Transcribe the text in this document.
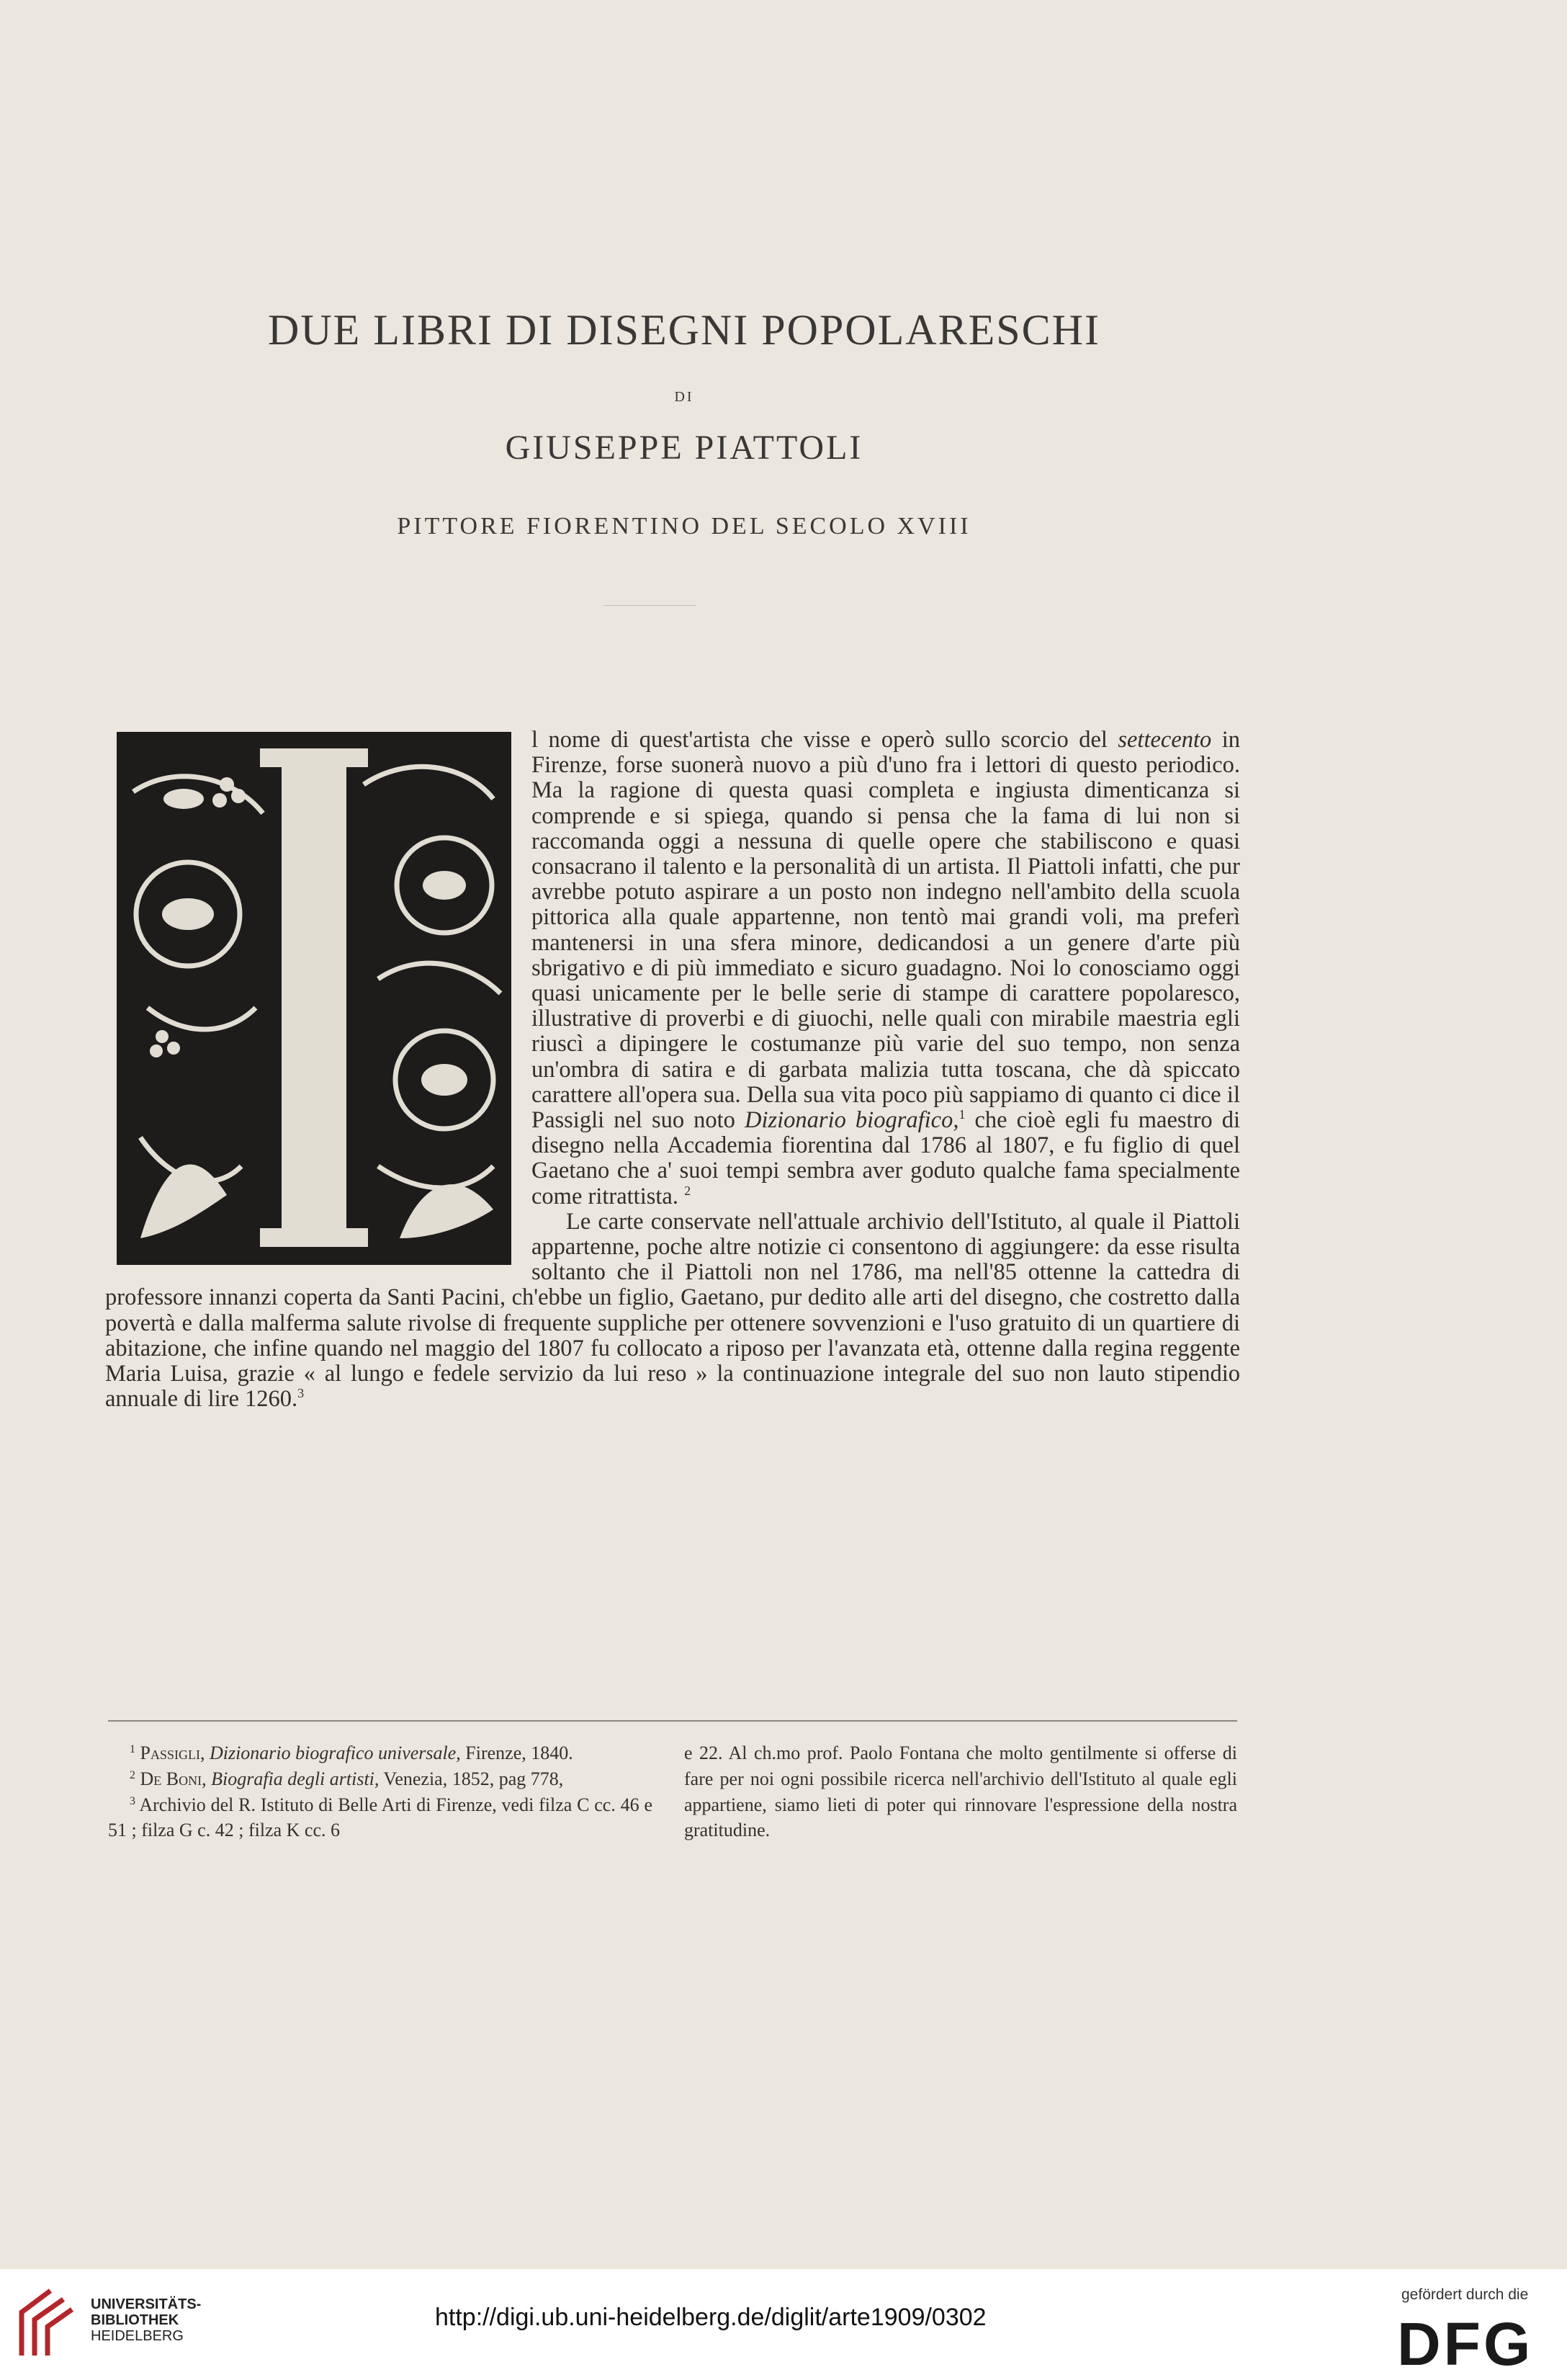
DUE LIBRI DI DISEGNI POPOLARESCHI
DI
GIUSEPPE PIATTOLI
PITTORE FIORENTINO DEL SECOLO XVIII

l nome di quest'artista che visse e operò sullo scorcio del settecento in Firenze, forse suonerà nuovo a più d'uno fra i lettori di questo periodico. Ma la ragione di questa quasi completa e ingiusta dimenticanza si comprende e si spiega, quando si pensa che la fama di lui non si raccomanda oggi a nessuna di quelle opere che stabiliscono e quasi consacrano il talento e la personalità di un artista. Il Piattoli infatti, che pur avrebbe potuto aspirare a un posto non indegno nell'ambito della scuola pittorica alla quale appartenne, non tentò mai grandi voli, ma preferì mantenersi in una sfera minore, dedicandosi a un genere d'arte più sbrigativo e di più immediato e sicuro guadagno. Noi lo conosciamo oggi quasi unicamente per le belle serie di stampe di carattere popolaresco, illustrative di proverbi e di giuochi, nelle quali con mirabile maestria egli riuscì a dipingere le costumanze più varie del suo tempo, non senza un'ombra di satira e di garbata malizia tutta toscana, che dà spiccato carattere all'opera sua. Della sua vita poco più sappiamo di quanto ci dice il Passigli nel suo noto Dizionario biografico,$^1$ che cioè egli fu maestro di disegno nella Accademia fiorentina dal 1786 al 1807, e fu figlio di quel Gaetano che a' suoi tempi sembra aver goduto qualche fama specialmente come ritrattista. $^2$

Le carte conservate nell'attuale archivio dell'Istituto, al quale il Piattoli appartenne, poche altre notizie ci consentono di aggiungere: da esse risulta soltanto che il Piattoli non nel 1786, ma nell'85 ottenne la cattedra di professore innanzi coperta da Santi Pacini, ch'ebbe un figlio, Gaetano, pur dedito alle arti del disegno, che costretto dalla povertà e dalla malferma salute rivolse di frequente suppliche per ottenere sovvenzioni e l'uso gratuito di un quartiere di abitazione, che infine quando nel maggio del 1807 fu collocato a riposo per l'avanzata età, ottenne dalla regina reggente Maria Luisa, grazie « al lungo e fedele servizio da lui reso » la continuazione integrale del suo non lauto stipendio annuale di lire 1260.$^3$

$^1$ Passigli, Dizionario biografico universale, Firenze, 1840.

$^2$ De Boni, Biografia degli artisti, Venezia, 1852, pag 778,

$^3$ Archivio del R. Istituto di Belle Arti di Firenze, vedi filza C cc. 46 e 51 ; filza G c. 42 ; filza K cc. 6

e 22. Al ch.mo prof. Paolo Fontana che molto gentilmente si offerse di fare per noi ogni possibile ricerca nell'archivio dell'Istituto al quale egli appartiene, siamo lieti di poter qui rinnovare l'espressione della nostra gratitudine.

UNIVERSITÄTS-
BIBLIOTHEK
HEIDELBERG
http://digi.ub.uni-heidelberg.de/diglit/arte1909/0302
gefördert durch die
DFG
